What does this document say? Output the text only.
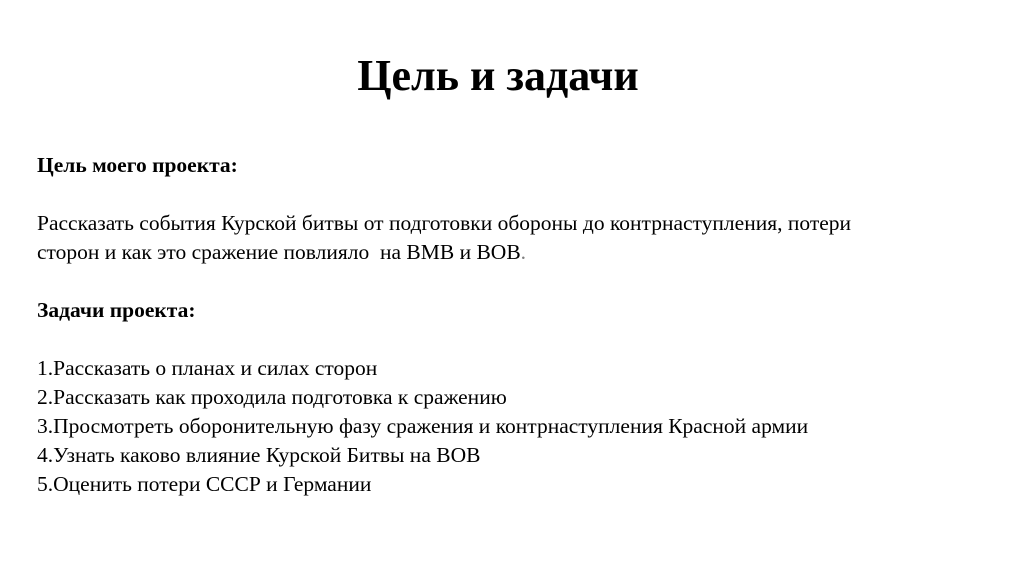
Цель и задачи
Цель моего проекта:
Рассказать события Курской битвы от подготовки обороны до контрнаступления, потери
сторон и как это сражение повлияло  на ВМВ и ВОВ.
Задачи проекта:
1.Рассказать о планах и силах сторон
2.Рассказать как проходила подготовка к сражению
3.Просмотреть оборонительную фазу сражения и контрнаступления Красной армии
4.Узнать каково влияние Курской Битвы на ВОВ
5.Оценить потери СССР и Германии
